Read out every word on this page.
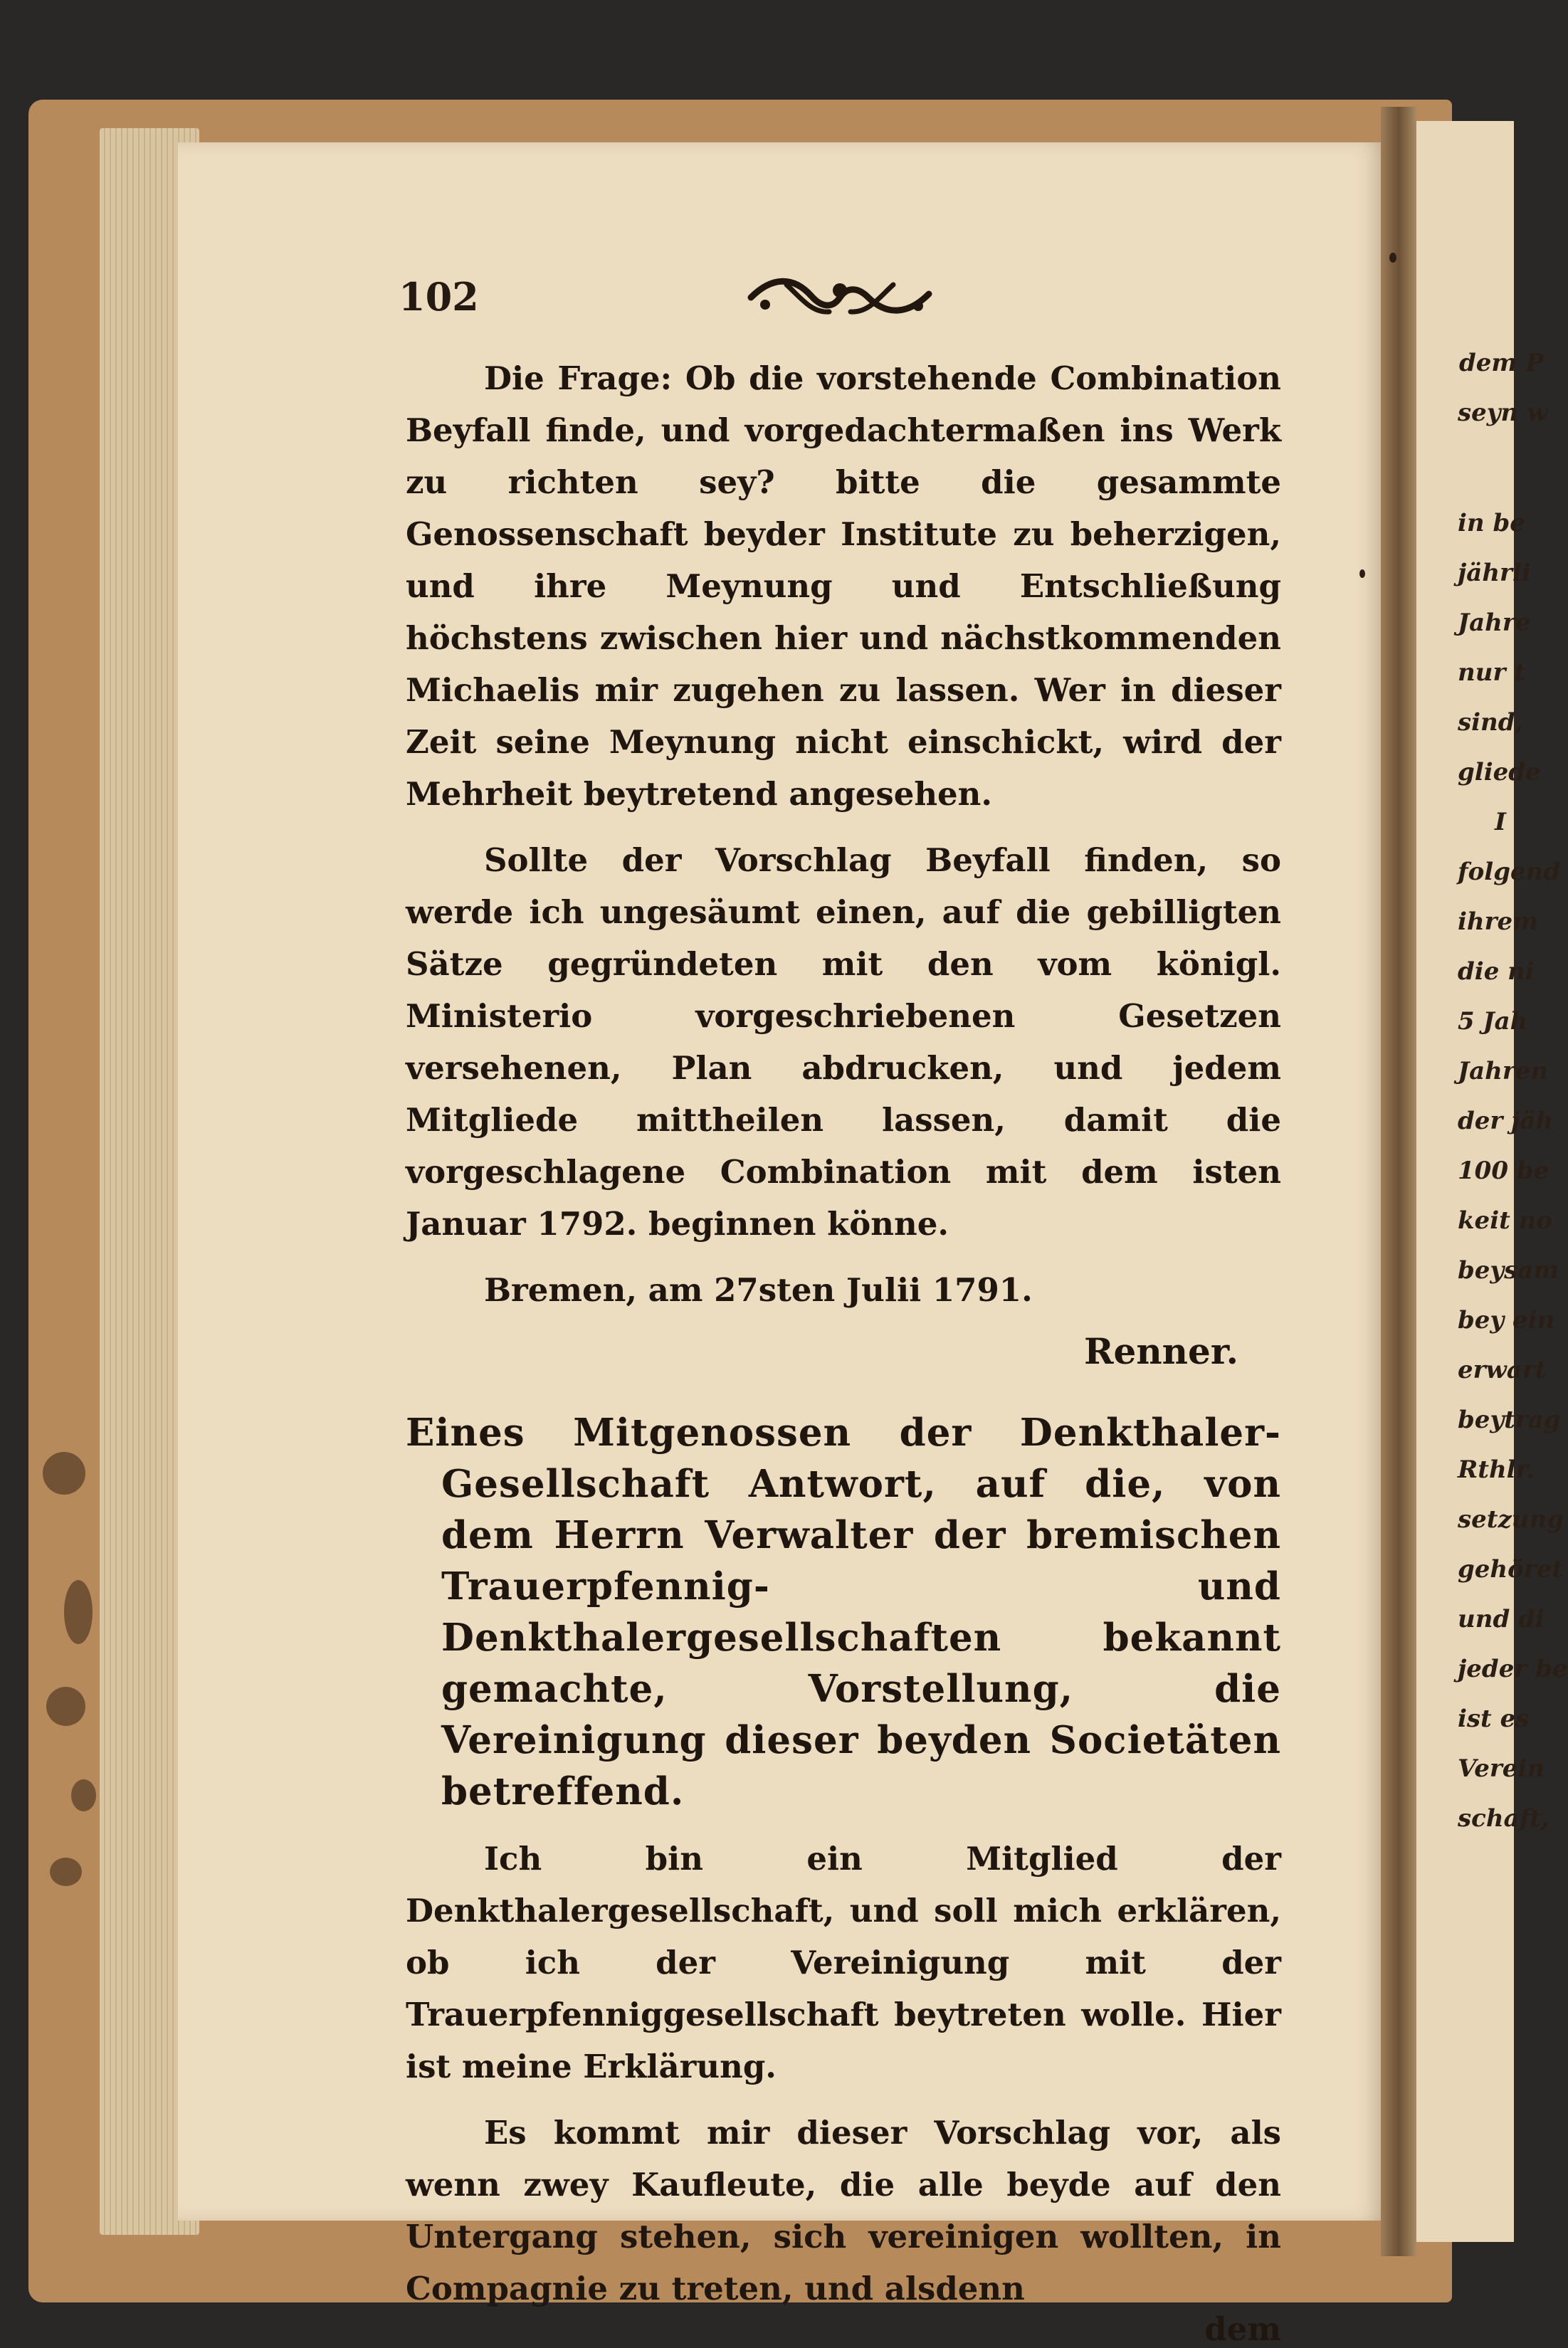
dem P
seyn w
in be
jährli
Jahre
nur t
sind,
gliede
I
folgend
ihrem
die ni
5 Jah
Jahren
der jäh
100 be
keit no
beysam
bey ein
erwart
beytrag
Rthlr.
setzung
gehöret
und di
jeder be
ist es
Verein
schaft,
102

Die Frage: Ob die vorstehende Combination Beyfall finde, und vorgedachtermaßen ins Werk zu richten sey? bitte die gesammte Genossenschaft beyder Institute zu beherzigen, und ihre Meynung und Entschließung höchstens zwischen hier und nächstkommenden Michaelis mir zugehen zu lassen. Wer in dieser Zeit seine Meynung nicht einschickt, wird der Mehrheit beytretend angesehen.

Sollte der Vorschlag Beyfall finden, so werde ich ungesäumt einen, auf die gebilligten Sätze gegründeten mit den vom königl. Ministerio vorgeschriebenen Gesetzen versehenen, Plan abdrucken, und jedem Mitgliede mittheilen lassen, damit die vorgeschlagene Combination mit dem isten Januar 1792. beginnen könne.

Bremen, am 27sten Julii 1791.
Renner.
Eines Mitgenossen der Denkthaler-Gesellschaft Antwort, auf die, von dem Herrn Verwalter der bremischen Trauerpfennig- und Denkthalergesellschaften bekannt gemachte, Vorstellung, die Vereinigung dieser beyden Societäten betreffend.

Ich bin ein Mitglied der Denkthalergesellschaft, und soll mich erklären, ob ich der Vereinigung mit der Trauerpfenniggesellschaft beytreten wolle. Hier ist meine Erklärung.

Es kommt mir dieser Vorschlag vor, als wenn zwey Kaufleute, die alle beyde auf den Untergang stehen, sich vereinigen wollten, in Compagnie zu treten, und alsdenn

dem
